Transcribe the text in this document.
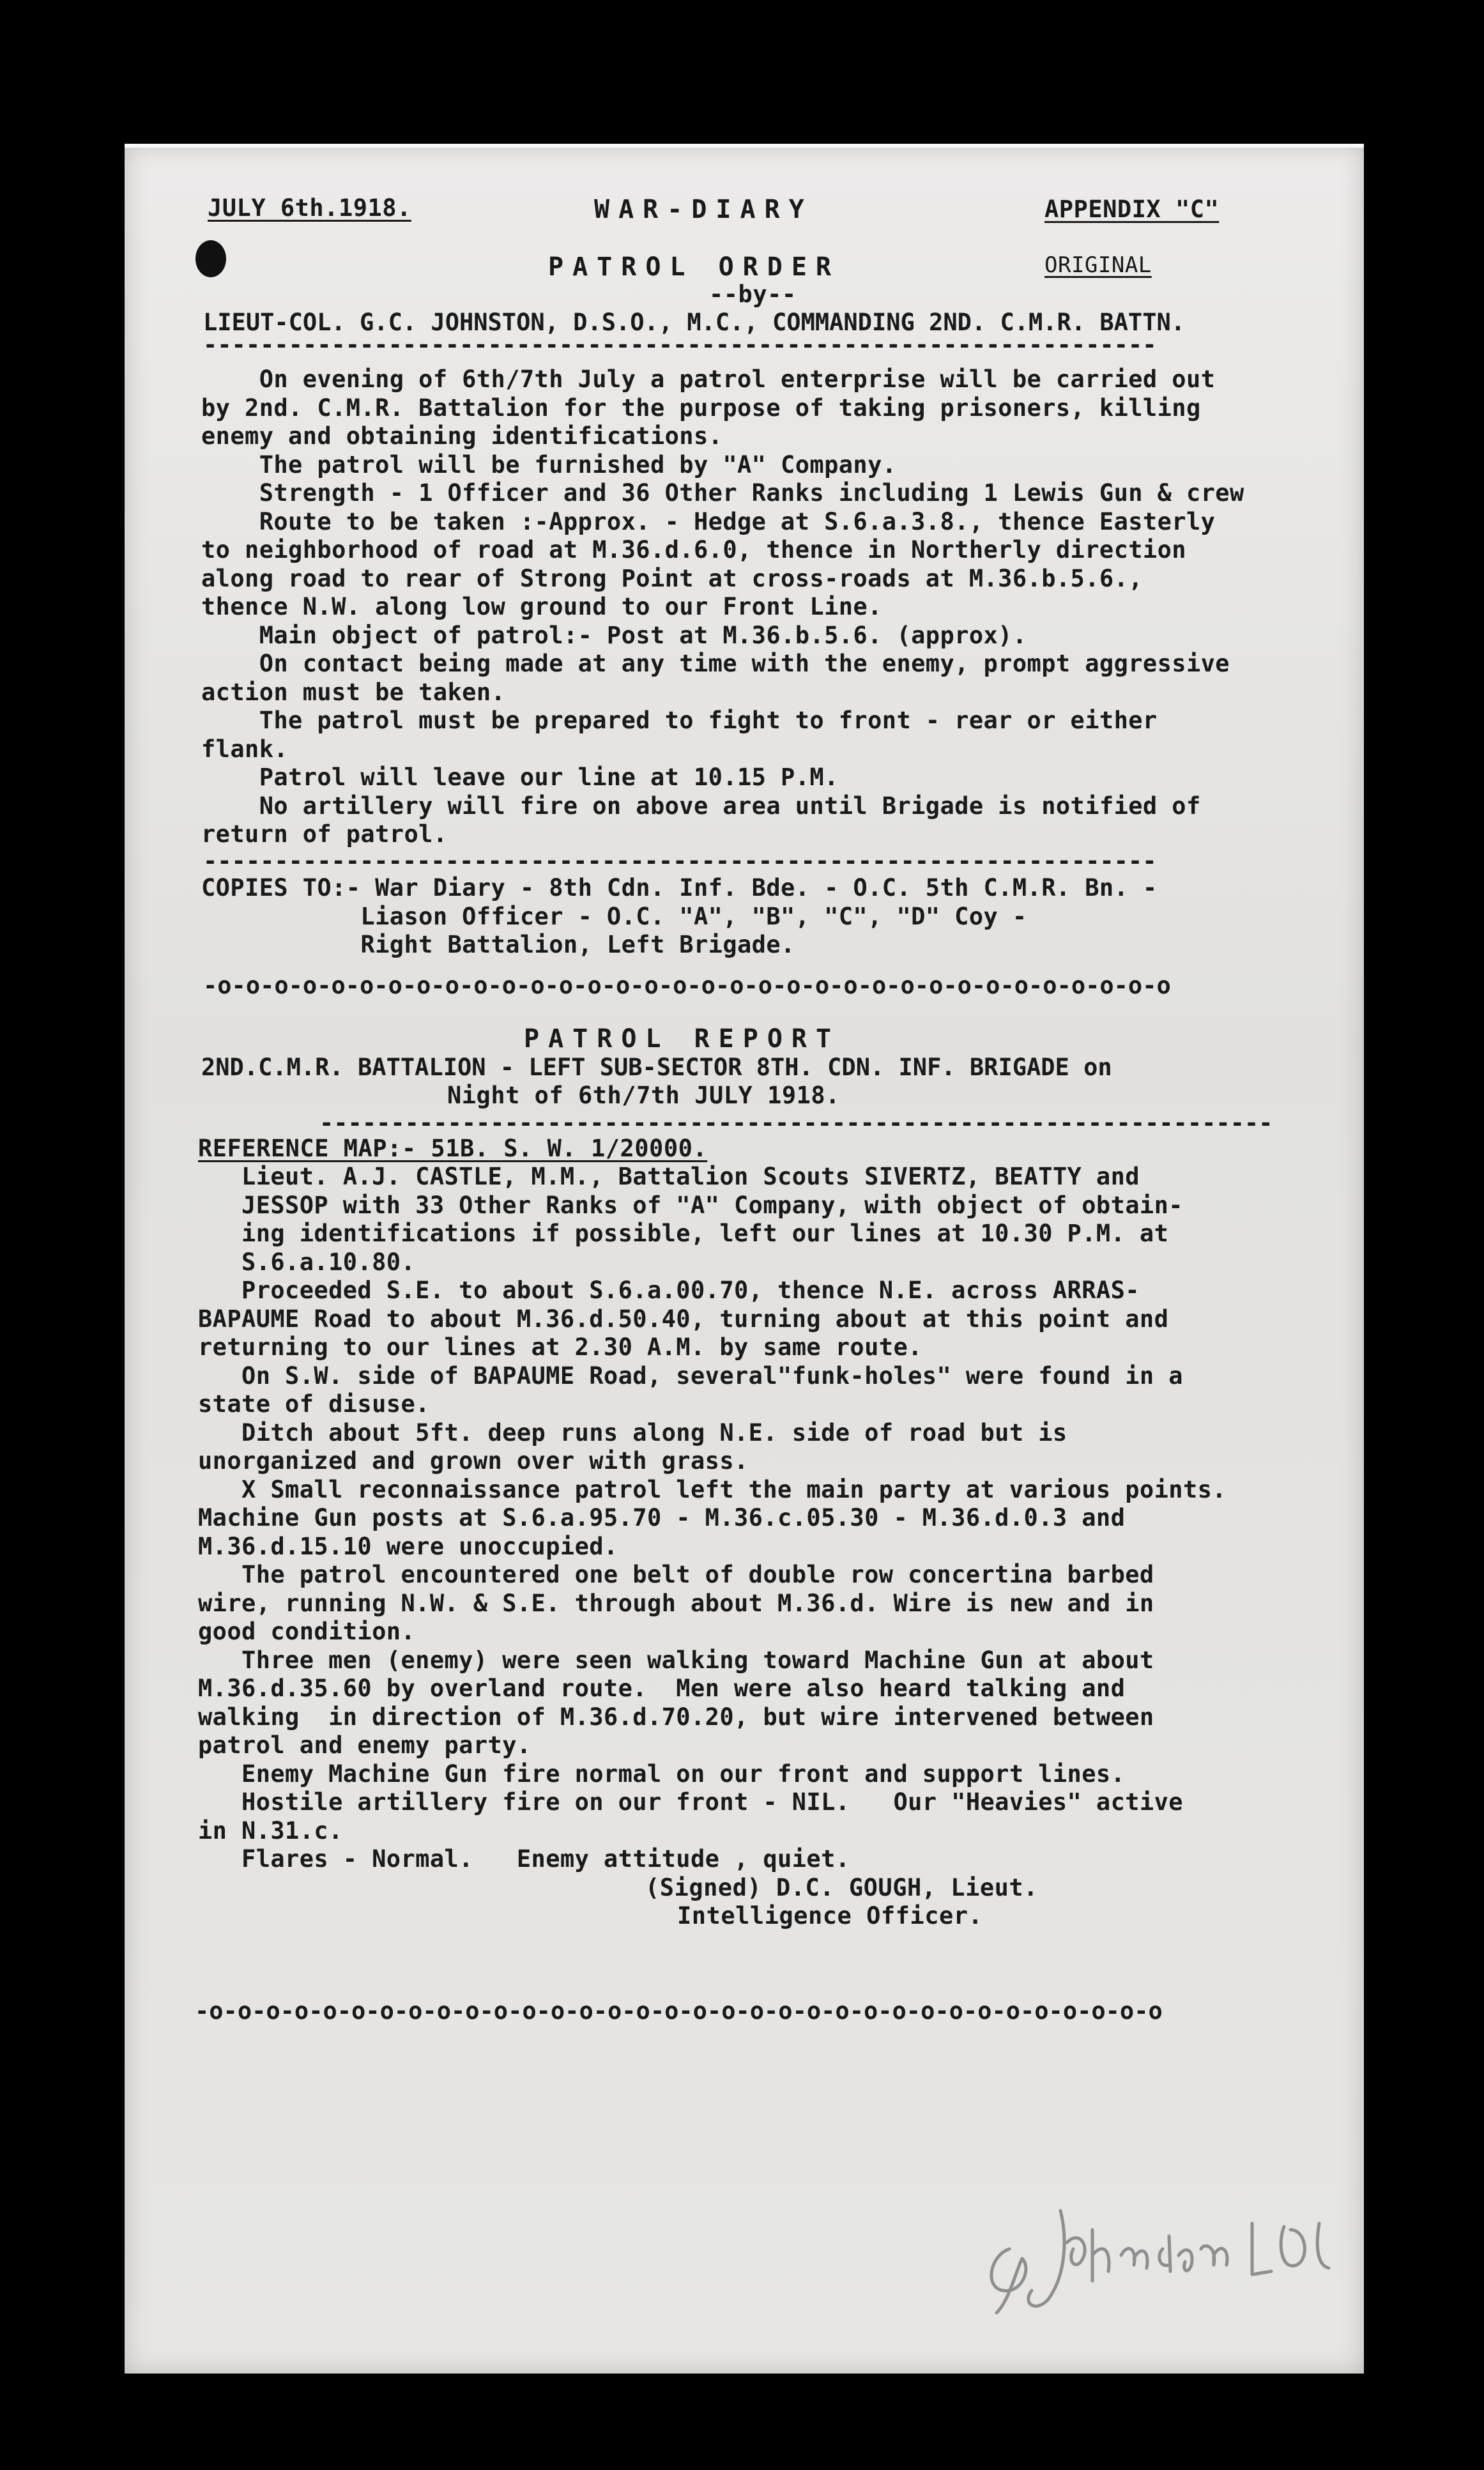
JULY 6th.1918.	WAR-DIARY	APPENDIX "C"
ORIGINAL
PATROL ORDER
--by--
LIEUT-COL. G.C. JOHNSTON, D.S.O., M.C., COMMANDING 2ND. C.M.R. BATTN.
-------------------------------------------------------------------
On evening of 6th/7th July a patrol enterprise will be carried out
by 2nd. C.M.R. Battalion for the purpose of taking prisoners, killing
enemy and obtaining identifications.
The patrol will be furnished by "A" Company.
Strength - 1 Officer and 36 Other Ranks including 1 Lewis Gun & crew
Route to be taken :-Approx. - Hedge at S.6.a.3.8., thence Easterly
to neighborhood of road at M.36.d.6.0, thence in Northerly direction
along road to rear of Strong Point at cross-roads at M.36.b.5.6.,
thence N.W. along low ground to our Front Line.
Main object of patrol:- Post at M.36.b.5.6. (approx).
On contact being made at any time with the enemy, prompt aggressive
action must be taken.
The patrol must be prepared to fight to front - rear or either
flank.
Patrol will leave our line at 10.15 P.M.
No artillery will fire on above area until Brigade is notified of
return of patrol.
-------------------------------------------------------------------
COPIES TO:- War Diary - 8th Cdn. Inf. Bde. - O.C. 5th C.M.R. Bn. -
Liason Officer - O.C. "A", "B", "C", "D" Coy -
Right Battalion, Left Brigade.
-o-o-o-o-o-o-o-o-o-o-o-o-o-o-o-o-o-o-o-o-o-o-o-o-o-o-o-o-o-o-o-o-o-o
PATROL REPORT
2ND.C.M.R. BATTALION - LEFT SUB-SECTOR 8TH. CDN. INF. BRIGADE on
Night of 6th/7th JULY 1918.
-------------------------------------------------------------------
REFERENCE MAP:- 51B. S. W. 1/20000.
Lieut. A.J. CASTLE, M.M., Battalion Scouts SIVERTZ, BEATTY and
JESSOP with 33 Other Ranks of "A" Company, with object of obtain-
ing identifications if possible, left our lines at 10.30 P.M. at
S.6.a.10.80.
Proceeded S.E. to about S.6.a.00.70, thence N.E. across ARRAS-
BAPAUME Road to about M.36.d.50.40, turning about at this point and
returning to our lines at 2.30 A.M. by same route.
On S.W. side of BAPAUME Road, several"funk-holes" were found in a
state of disuse.
Ditch about 5ft. deep runs along N.E. side of road but is
unorganized and grown over with grass.
X Small reconnaissance patrol left the main party at various points.
Machine Gun posts at S.6.a.95.70 - M.36.c.05.30 - M.36.d.0.3 and
M.36.d.15.10 were unoccupied.
The patrol encountered one belt of double row concertina barbed
wire, running N.W. & S.E. through about M.36.d. Wire is new and in
good condition.
Three men (enemy) were seen walking toward Machine Gun at about
M.36.d.35.60 by overland route.  Men were also heard talking and
walking  in direction of M.36.d.70.20, but wire intervened between
patrol and enemy party.
Enemy Machine Gun fire normal on our front and support lines.
Hostile artillery fire on our front - NIL.   Our "Heavies" active
in N.31.c.
Flares - Normal.   Enemy attitude , quiet.
(Signed) D.C. GOUGH, Lieut.
Intelligence Officer.
-o-o-o-o-o-o-o-o-o-o-o-o-o-o-o-o-o-o-o-o-o-o-o-o-o-o-o-o-o-o-o-o-o-o
G C Johnston Lt Col
